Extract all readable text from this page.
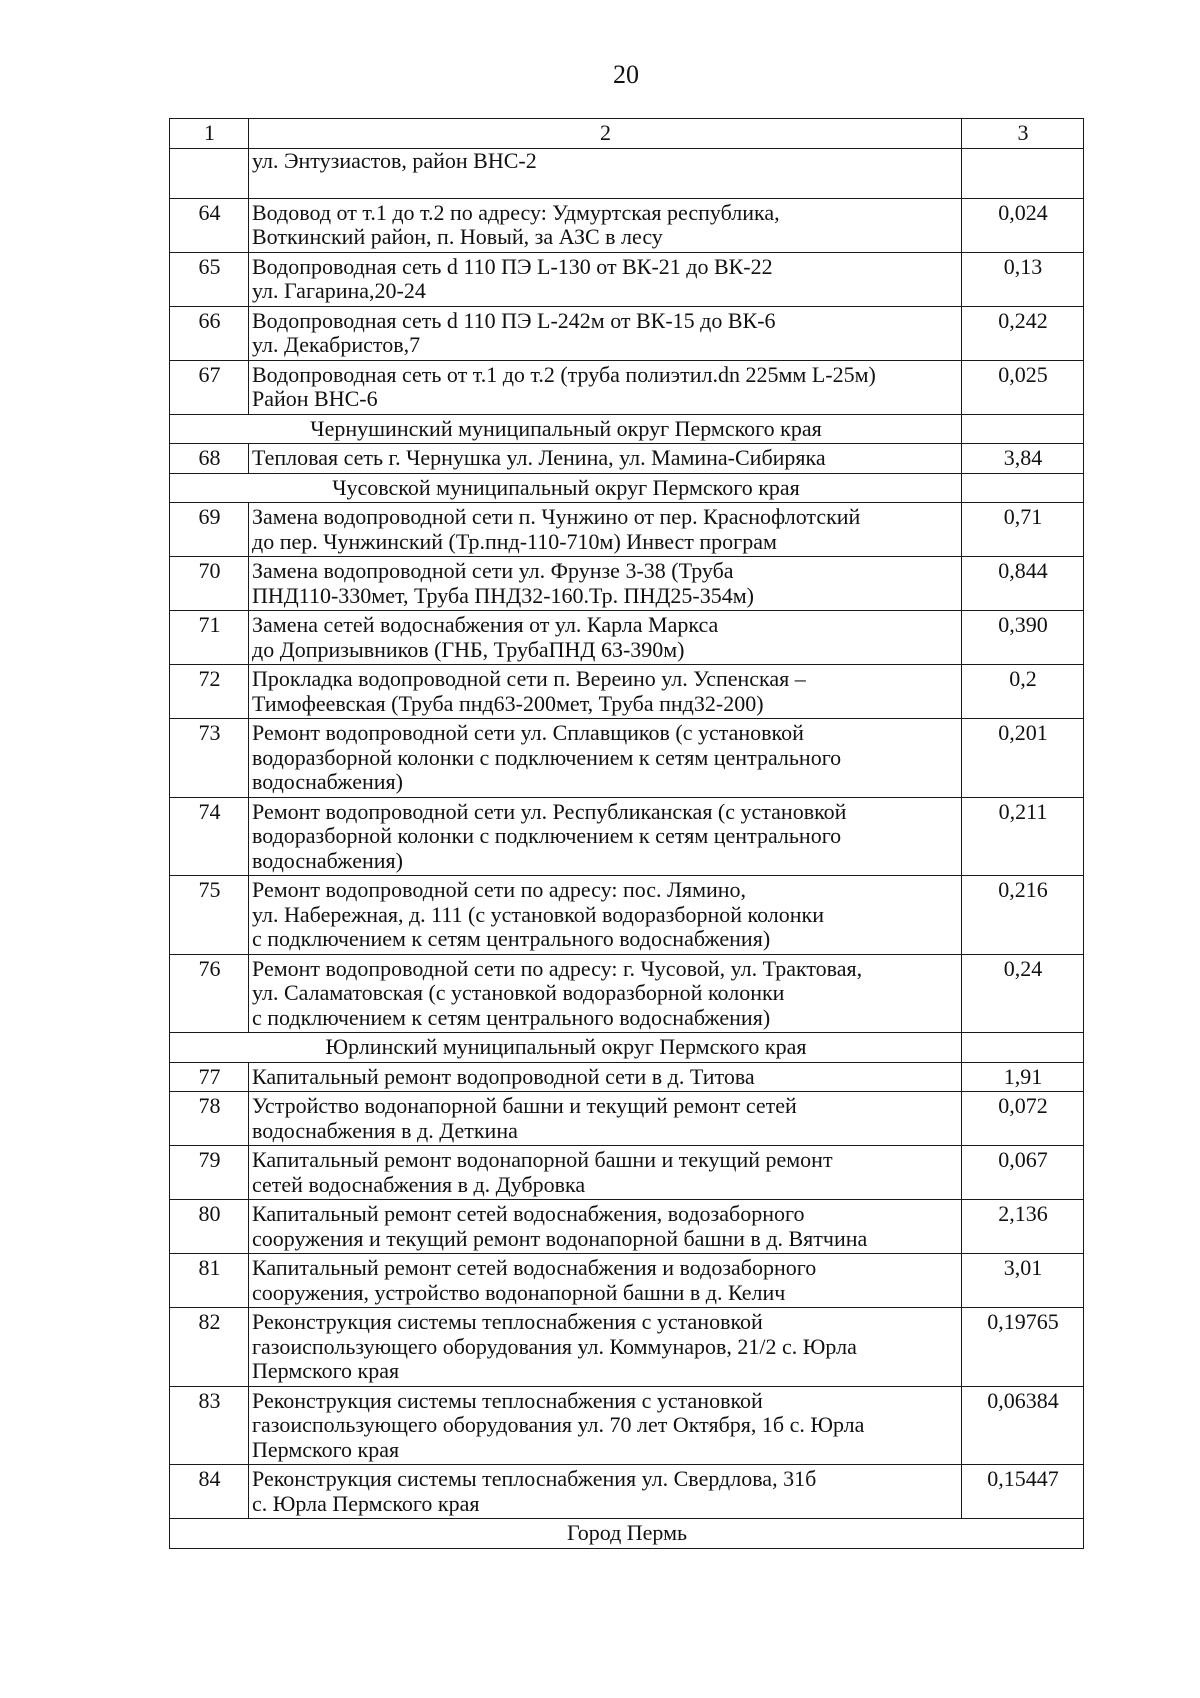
20
1	2	3
	ул. Энтузиастов, район ВНС-2	
64	Водовод от т.1 до т.2 по адресу: Удмуртская республика,
Воткинский район, п. Новый, за АЗС в лесу	0,024
65	Водопроводная сеть d 110 ПЭ L-130 от ВК-21 до ВК-22
ул. Гагарина,20-24	0,13
66	Водопроводная сеть d 110 ПЭ L-242м от ВК-15 до ВК-6
ул. Декабристов,7	0,242
67	Водопроводная сеть от т.1 до т.2 (труба полиэтил.dn 225мм L-25м)
Район ВНС-6	0,025
Чернушинский муниципальный округ Пермского края		
68	Тепловая сеть г. Чернушка ул. Ленина, ул. Мамина-Сибиряка	3,84
Чусовской муниципальный округ Пермского края		
69	Замена водопроводной сети п. Чунжино от пер. Краснофлотский
до пер. Чунжинский (Тр.пнд-110-710м) Инвест програм	0,71
70	Замена водопроводной сети ул. Фрунзе 3-38 (Труба
ПНД110-330мет, Труба ПНД32-160.Тр. ПНД25-354м)	0,844
71	Замена сетей водоснабжения от ул. Карла Маркса
до Допризывников (ГНБ, ТрубаПНД 63-390м)	0,390
72	Прокладка водопроводной сети п. Вереино ул. Успенская –
Тимофеевская (Труба пнд63-200мет, Труба пнд32-200)	0,2
73	Ремонт водопроводной сети ул. Сплавщиков (с установкой
водоразборной колонки с подключением к сетям центрального
водоснабжения)	0,201
74	Ремонт водопроводной сети ул. Республиканская (с установкой
водоразборной колонки с подключением к сетям центрального
водоснабжения)	0,211
75	Ремонт водопроводной сети по адресу: пос. Лямино,
ул. Набережная, д. 111 (с установкой водоразборной колонки
с подключением к сетям центрального водоснабжения)	0,216
76	Ремонт водопроводной сети по адресу: г. Чусовой, ул. Трактовая,
ул. Саламатовская (с установкой водоразборной колонки
с подключением к сетям центрального водоснабжения)	0,24
Юрлинский муниципальный округ Пермского края		
77	Капитальный ремонт водопроводной сети в д. Титова	1,91
78	Устройство водонапорной башни и текущий ремонт сетей
водоснабжения в д. Деткина	0,072
79	Капитальный ремонт водонапорной башни и текущий ремонт
сетей водоснабжения в д. Дубровка	0,067
80	Капитальный ремонт сетей водоснабжения, водозаборного
сооружения и текущий ремонт водонапорной башни в д. Вятчина	2,136
81	Капитальный ремонт сетей водоснабжения и водозаборного
сооружения, устройство водонапорной башни в д. Келич	3,01
82	Реконструкция системы теплоснабжения с установкой
газоиспользующего оборудования ул. Коммунаров, 21/2 с. Юрла
Пермского края	0,19765
83	Реконструкция системы теплоснабжения с установкой
газоиспользующего оборудования ул. 70 лет Октября, 1б с. Юрла
Пермского края	0,06384
84	Реконструкция системы теплоснабжения ул. Свердлова, 31б
с. Юрла Пермского края	0,15447
Город Пермь		
